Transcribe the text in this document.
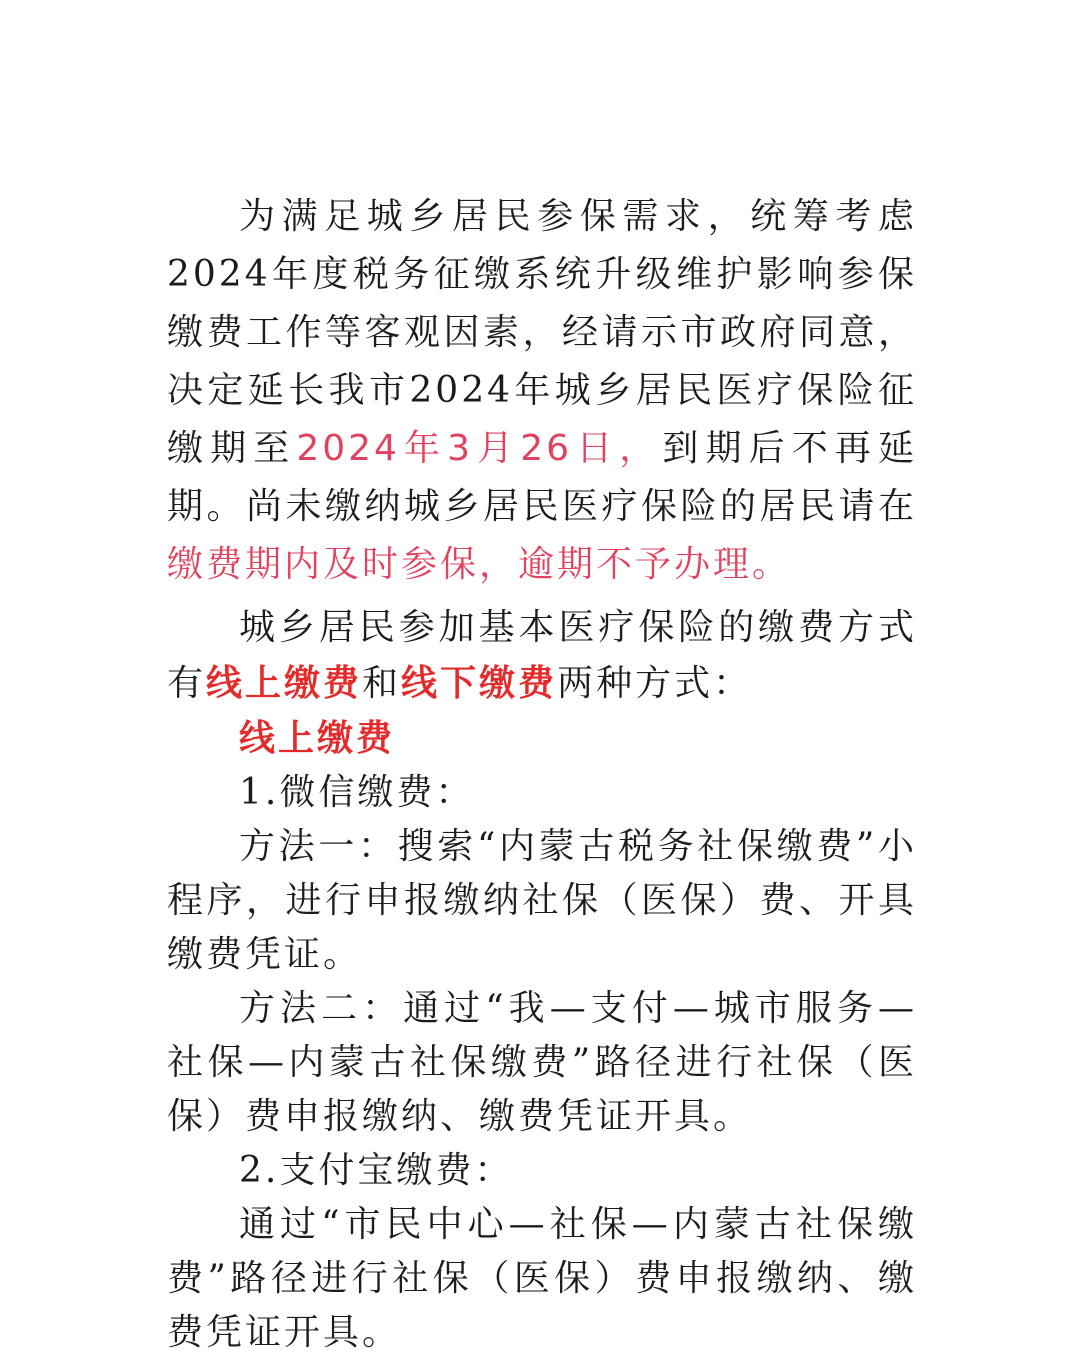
为满足城乡居民参保需求，统筹考虑2024年度税务征缴系统升级维护影响参保缴费工作等客观因素，经请示市政府同意，决定延长我市2024年城乡居民医疗保险征缴期至2024年3月26日，到期后不再延期。尚未缴纳城乡居民医疗保险的居民请在缴费期内及时参保，逾期不予办理。

城乡居民参加基本医疗保险的缴费方式有线上缴费和线下缴费两种方式：

线上缴费

1.微信缴费：

方法一：搜索“内蒙古税务社保缴费”小程序，进行申报缴纳社保（医保）费、开具缴费凭证。

方法二：通过“我—支付—城市服务—社保—内蒙古社保缴费”路径进行社保（医保）费申报缴纳、缴费凭证开具。

2.支付宝缴费：

通过“市民中心—社保—内蒙古社保缴费”路径进行社保（医保）费申报缴纳、缴费凭证开具。
